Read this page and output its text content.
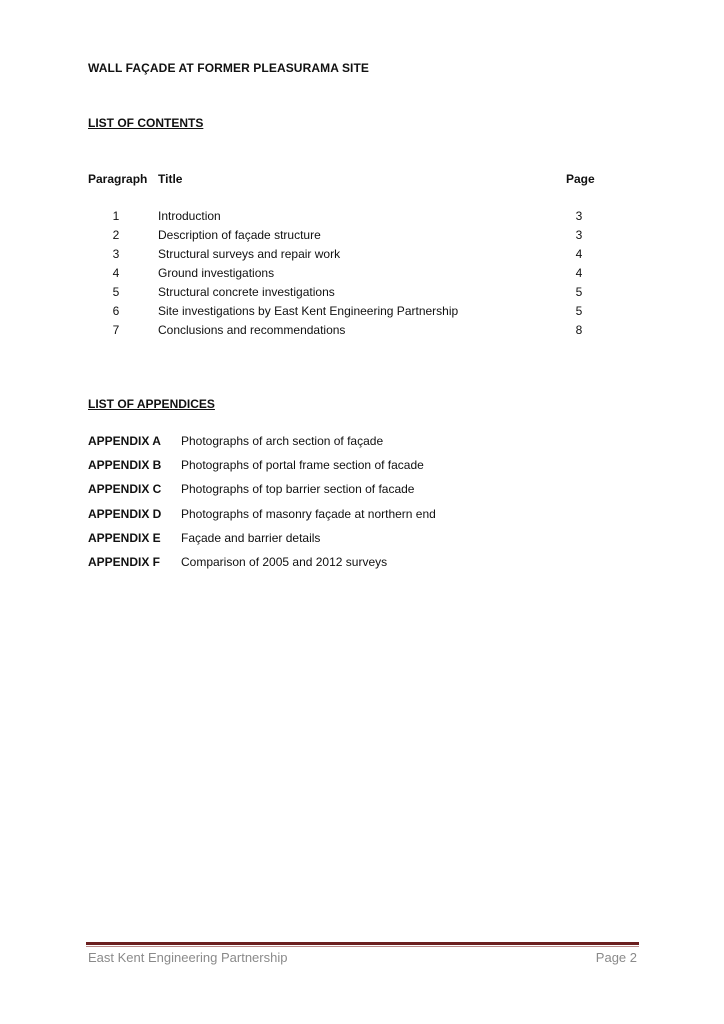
WALL FAÇADE AT FORMER PLEASURAMA SITE
LIST OF CONTENTS
Paragraph Title	Page
1	Introduction	3
2	Description of façade structure	3
3	Structural surveys and repair work	4
4	Ground investigations	4
5	Structural concrete investigations	5
6	Site investigations by East Kent Engineering Partnership	5
7	Conclusions and recommendations	8
LIST OF APPENDICES
APPENDIX A Photographs of arch section of façade
APPENDIX B Photographs of portal frame section of facade
APPENDIX C Photographs of top barrier section of facade
APPENDIX D Photographs of masonry façade at northern end
APPENDIX E Façade and barrier details
APPENDIX F Comparison of 2005 and 2012 surveys
East Kent Engineering Partnership	Page 2
